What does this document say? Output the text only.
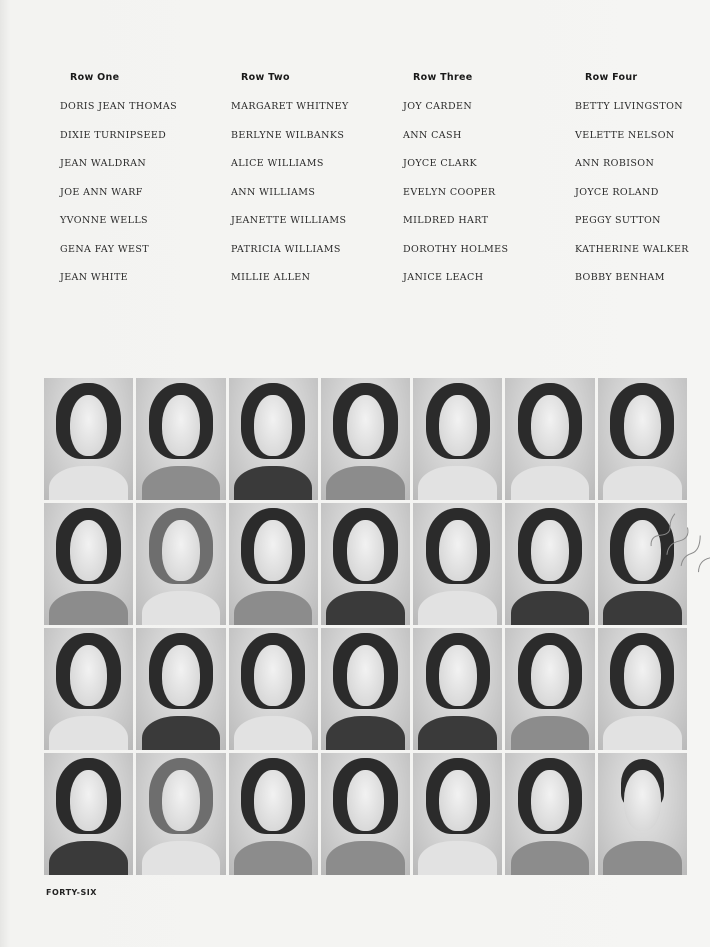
Row One
DORIS JEAN THOMAS
DIXIE TURNIPSEED
JEAN WALDRAN
JOE ANN WARF
YVONNE WELLS
GENA FAY WEST
JEAN WHITE
Row Two
MARGARET WHITNEY
BERLYNE WILBANKS
ALICE WILLIAMS
ANN WILLIAMS
JEANETTE WILLIAMS
PATRICIA WILLIAMS
MILLIE ALLEN
Row Three
JOY CARDEN
ANN CASH
JOYCE CLARK
EVELYN COOPER
MILDRED HART
DOROTHY HOLMES
JANICE LEACH
Row Four
BETTY LIVINGSTON
VELETTE NELSON
ANN ROBISON
JOYCE ROLAND
PEGGY SUTTON
KATHERINE WALKER
BOBBY BENHAM
FORTY-SIX
